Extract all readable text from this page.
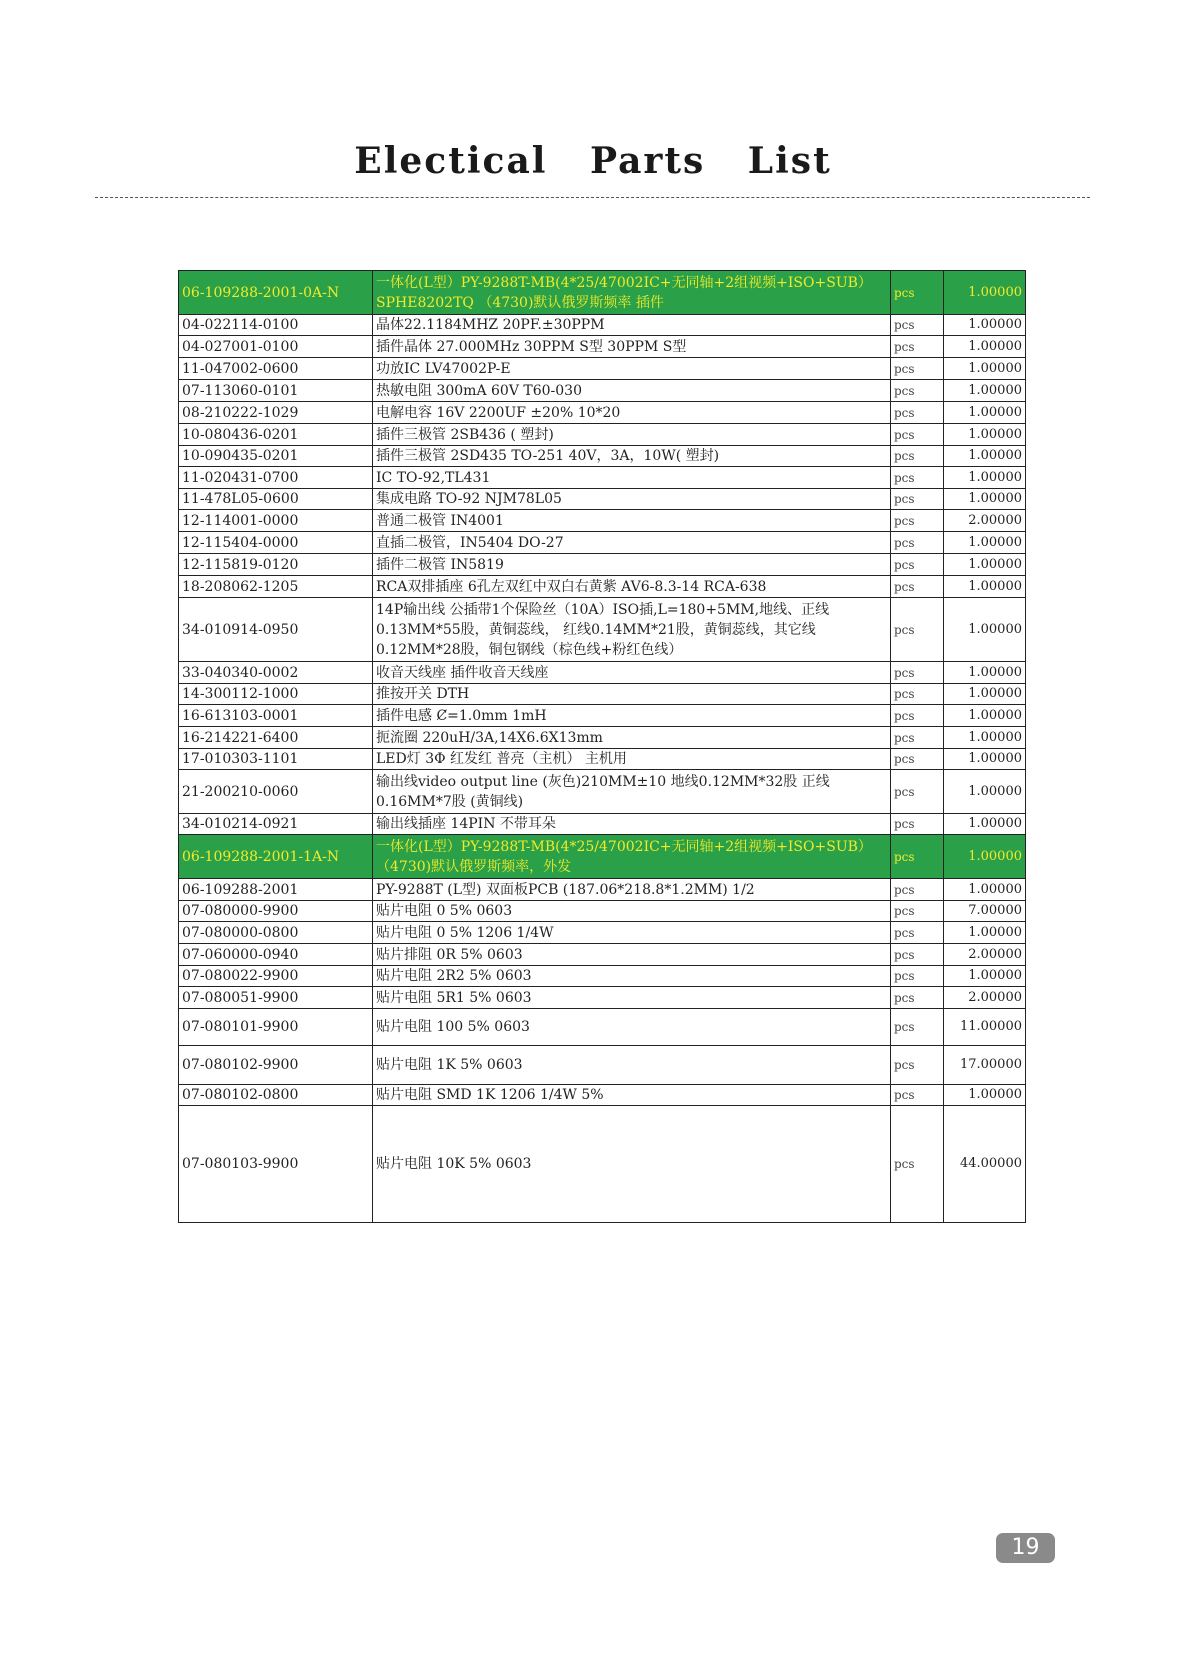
Electical Parts List
06-109288-2001-0A-N	一体化(L型）PY-9288T-MB(4*25/47002IC+无同轴+2组视频+ISO+SUB）SPHE8202TQ （4730)默认俄罗斯频率 插件	pcs	1.00000
04-022114-0100	晶体22.1184MHZ 20PF.±30PPM	pcs	1.00000
04-027001-0100	插件晶体 27.000MHz 30PPM S型 30PPM S型	pcs	1.00000
11-047002-0600	功放IC LV47002P-E	pcs	1.00000
07-113060-0101	热敏电阻 300mA 60V T60-030	pcs	1.00000
08-210222-1029	电解电容 16V 2200UF ±20% 10*20	pcs	1.00000
10-080436-0201	插件三极管 2SB436 ( 塑封)	pcs	1.00000
10-090435-0201	插件三极管 2SD435 TO-251 40V，3A，10W( 塑封)	pcs	1.00000
11-020431-0700	IC TO-92,TL431	pcs	1.00000
11-478L05-0600	集成电路 TO-92 NJM78L05	pcs	1.00000
12-114001-0000	普通二极管 IN4001	pcs	2.00000
12-115404-0000	直插二极管，IN5404 DO-27	pcs	1.00000
12-115819-0120	插件二极管 IN5819	pcs	1.00000
18-208062-1205	RCA双排插座 6孔左双红中双白右黄紫 AV6-8.3-14 RCA-638	pcs	1.00000
34-010914-0950	14P输出线 公插带1个保险丝（10A）ISO插,L=180+5MM,地线、正线0.13MM*55股，黄铜蕊线， 红线0.14MM*21股，黄铜蕊线，其它线0.12MM*28股，铜包钢线（棕色线+粉红色线）	pcs	1.00000
33-040340-0002	收音天线座 插件收音天线座	pcs	1.00000
14-300112-1000	推按开关 DTH	pcs	1.00000
16-613103-0001	插件电感 Ȼ=1.0mm 1mH	pcs	1.00000
16-214221-6400	扼流圈 220uH/3A,14X6.6X13mm	pcs	1.00000
17-010303-1101	LED灯 3Φ 红发红 普亮（主机） 主机用	pcs	1.00000
21-200210-0060	输出线video output line (灰色)210MM±10 地线0.12MM*32股 正线0.16MM*7股 (黄铜线)	pcs	1.00000
34-010214-0921	输出线插座 14PIN 不带耳朵	pcs	1.00000
06-109288-2001-1A-N	一体化(L型）PY-9288T-MB(4*25/47002IC+无同轴+2组视频+ISO+SUB）（4730)默认俄罗斯频率，外发	pcs	1.00000
06-109288-2001	PY-9288T (L型) 双面板PCB (187.06*218.8*1.2MM) 1/2	pcs	1.00000
07-080000-9900	贴片电阻 0 5% 0603	pcs	7.00000
07-080000-0800	贴片电阻 0 5% 1206 1/4W	pcs	1.00000
07-060000-0940	贴片排阻 0R 5% 0603	pcs	2.00000
07-080022-9900	贴片电阻 2R2 5% 0603	pcs	1.00000
07-080051-9900	贴片电阻 5R1 5% 0603	pcs	2.00000
07-080101-9900	贴片电阻 100 5% 0603	pcs	11.00000
07-080102-9900	贴片电阻 1K 5% 0603	pcs	17.00000
07-080102-0800	贴片电阻 SMD 1K 1206 1/4W 5%	pcs	1.00000
07-080103-9900	贴片电阻 10K 5% 0603	pcs	44.00000
19
